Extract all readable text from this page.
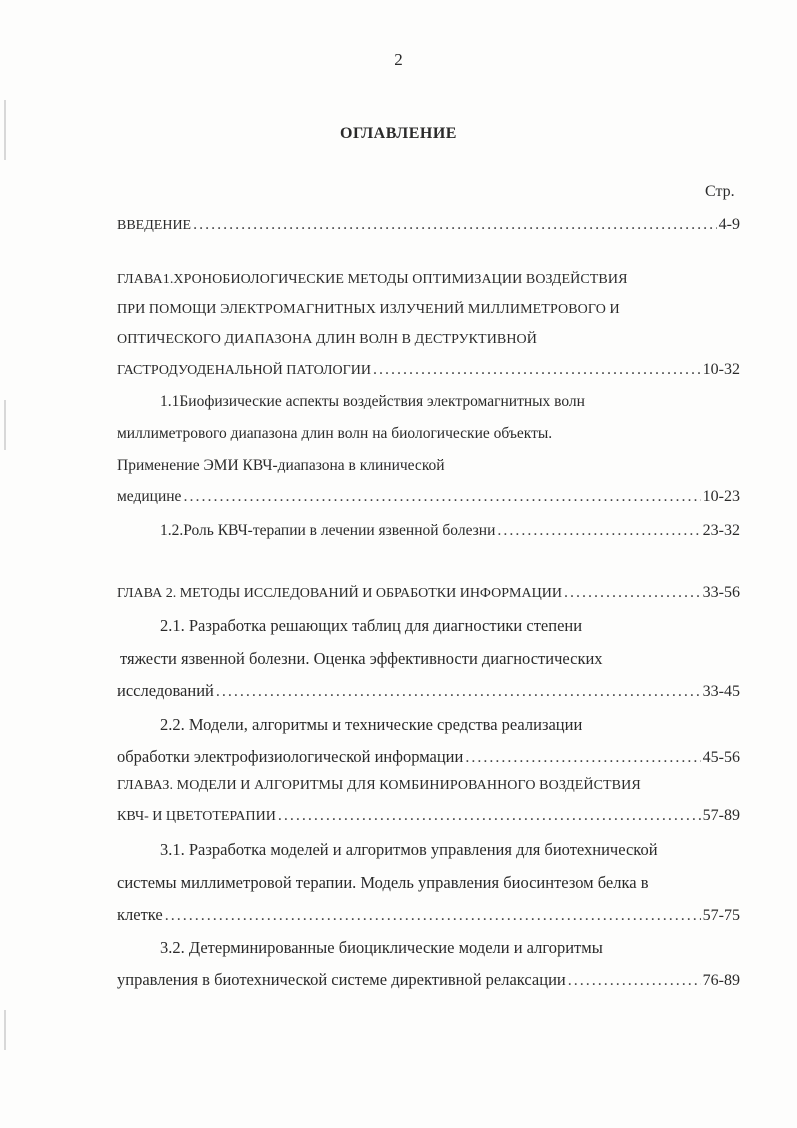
2
ОГЛАВЛЕНИЕ
Стр.
ВВЕДЕНИЕ .....	4-9
ГЛАВА1.ХРОНОБИОЛОГИЧЕСКИЕ МЕТОДЫ ОПТИМИЗАЦИИ ВОЗДЕЙСТВИЯ
ПРИ ПОМОЩИ ЭЛЕКТРОМАГНИТНЫХ ИЗЛУЧЕНИЙ МИЛЛИМЕТРОВОГО И
ОПТИЧЕСКОГО ДИАПАЗОНА ДЛИН ВОЛН В ДЕСТРУКТИВНОЙ
ГАСТРОДУОДЕНАЛЬНОЙ ПАТОЛОГИИ .....	10-32
1.1Биофизические аспекты воздействия электромагнитных волн
миллиметрового диапазона длин волн на биологические объекты.
Применение ЭМИ КВЧ-диапазона в клинической
медицине .....	10-23
1.2.Роль КВЧ-терапии в лечении язвенной болезни .....	23-32
ГЛАВА 2. МЕТОДЫ ИССЛЕДОВАНИЙ И ОБРАБОТКИ ИНФОРМАЦИИ .....	33-56
2.1. Разработка решающих таблиц для диагностики степени
тяжести язвенной болезни. Оценка эффективности диагностических
исследований .....	33-45
2.2. Модели, алгоритмы и технические средства реализации
обработки электрофизиологической информации .....	45-56
ГЛАВАЗ. МОДЕЛИ И АЛГОРИТМЫ ДЛЯ КОМБИНИРОВАННОГО ВОЗДЕЙСТВИЯ
КВЧ- И ЦВЕТОТЕРАПИИ .....	57-89
3.1. Разработка моделей и алгоритмов управления для биотехнической
системы миллиметровой терапии. Модель управления биосинтезом белка в
клетке .....	57-75
3.2. Детерминированные биоциклические модели и алгоритмы
управления в биотехнической системе директивной релаксации .....	76-89
